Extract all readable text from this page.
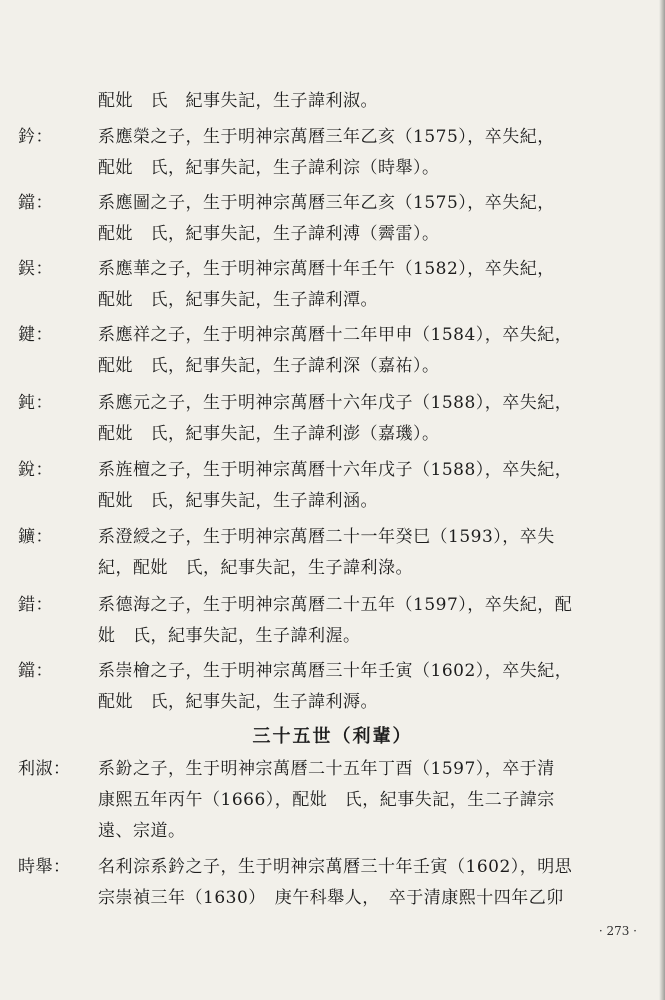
配妣　氏　紀事失記，生子諱利淑。
鈐：	系應榮之子，生于明神宗萬曆三年乙亥（1575），卒失紀，
配妣　氏，紀事失記，生子諱利淙（時舉）。
鐺：	系應圖之子，生于明神宗萬曆三年乙亥（1575），卒失紀，
配妣　氏，紀事失記，生子諱利溥（霽雷）。
鋘：	系應華之子，生于明神宗萬曆十年壬午（1582），卒失紀，
配妣　氏，紀事失記，生子諱利潭。
鍵：	系應祥之子，生于明神宗萬曆十二年甲申（1584），卒失紀，
配妣　氏，紀事失記，生子諱利深（嘉祐）。
鈍：	系應元之子，生于明神宗萬曆十六年戊子（1588），卒失紀，
配妣　氏，紀事失記，生子諱利澎（嘉璣）。
銳：	系旌檀之子，生于明神宗萬曆十六年戊子（1588），卒失紀，
配妣　氏，紀事失記，生子諱利涵。
鑛：	系澄綬之子，生于明神宗萬曆二十一年癸巳（1593），卒失
紀，配妣　氏，紀事失記，生子諱利淥。
錯：	系德海之子，生于明神宗萬曆二十五年（1597），卒失紀，配
妣　氏，紀事失記，生子諱利渥。
鐺：	系崇檜之子，生于明神宗萬曆三十年壬寅（1602），卒失紀，
配妣　氏，紀事失記，生子諱利溽。
三十五世（利輩）
利淑：	系鈖之子，生于明神宗萬曆二十五年丁酉（1597），卒于清
康熙五年丙午（1666），配妣　氏，紀事失記，生二子諱宗
遠、宗道。
時舉：	名利淙系鈐之子，生于明神宗萬曆三十年壬寅（1602），明思
宗崇禎三年（1630）　庚午科舉人，　卒于清康熙十四年乙卯
· 273 ·
